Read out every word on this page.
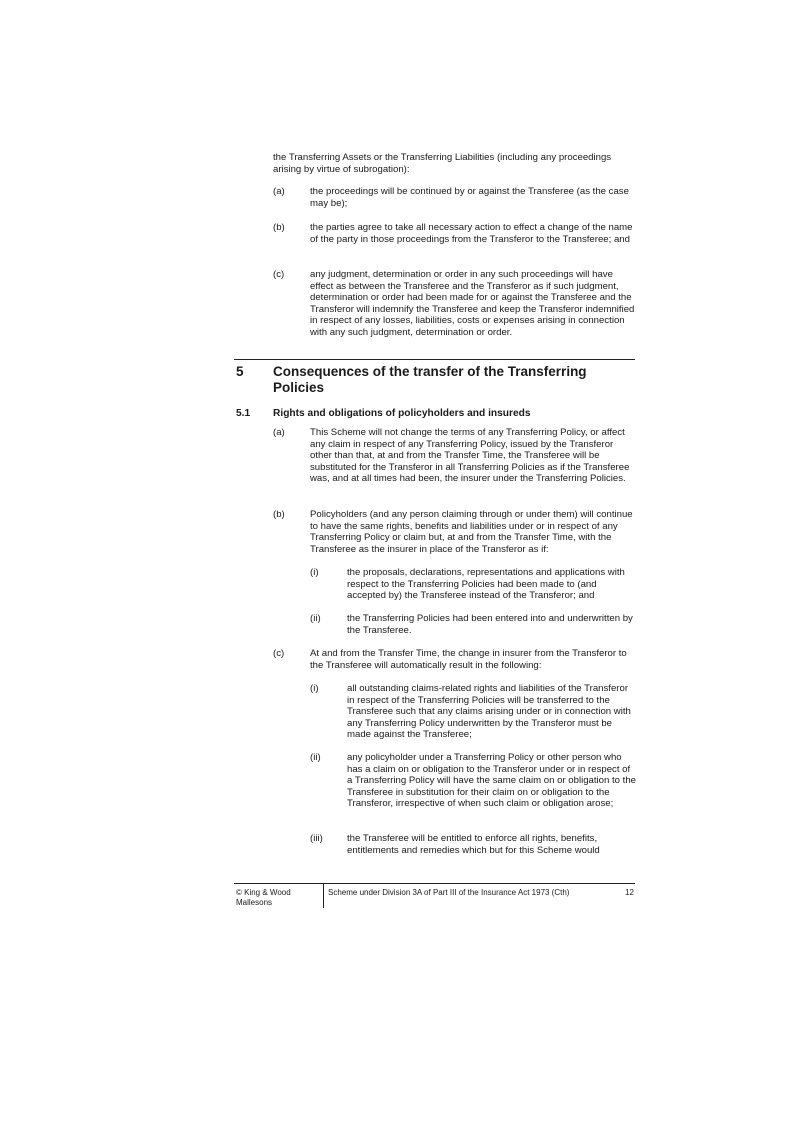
the Transferring Assets or the Transferring Liabilities (including any proceedings arising by virtue of subrogation):

(a)	the proceedings will be continued by or against the Transferee (as the case may be);

(b)	the parties agree to take all necessary action to effect a change of the name of the party in those proceedings from the Transferor to the Transferee; and

(c)	any judgment, determination or order in any such proceedings will have effect as between the Transferee and the Transferor as if such judgment, determination or order had been made for or against the Transferee and the Transferor will indemnify the Transferee and keep the Transferor indemnified in respect of any losses, liabilities, costs or expenses arising in connection with any such judgment, determination or order.

5 Consequences of the transfer of the Transferring Policies
5.1 Rights and obligations of policyholders and insureds
(a)	This Scheme will not change the terms of any Transferring Policy, or affect any claim in respect of any Transferring Policy, issued by the Transferor other than that, at and from the Transfer Time, the Transferee will be substituted for the Transferor in all Transferring Policies as if the Transferee was, and at all times had been, the insurer under the Transferring Policies.

(b)	Policyholders (and any person claiming through or under them) will continue to have the same rights, benefits and liabilities under or in respect of any Transferring Policy or claim but, at and from the Transfer Time, with the Transferee as the insurer in place of the Transferor as if:

(i)	the proposals, declarations, representations and applications with respect to the Transferring Policies had been made to (and accepted by) the Transferee instead of the Transferor; and

(ii)	the Transferring Policies had been entered into and underwritten by the Transferee.

(c)	At and from the Transfer Time, the change in insurer from the Transferor to the Transferee will automatically result in the following:

(i)	all outstanding claims-related rights and liabilities of the Transferor in respect of the Transferring Policies will be transferred to the Transferee such that any claims arising under or in connection with any Transferring Policy underwritten by the Transferor must be made against the Transferee;

(ii)	any policyholder under a Transferring Policy or other person who has a claim on or obligation to the Transferor under or in respect of a Transferring Policy will have the same claim on or obligation to the Transferee in substitution for their claim on or obligation to the Transferor, irrespective of when such claim or obligation arose;

(iii)	the Transferee will be entitled to enforce all rights, benefits, entitlements and remedies which but for this Scheme would

© King & Wood Mallesons
Scheme under Division 3A of Part III of the Insurance Act 1973 (Cth)	12
